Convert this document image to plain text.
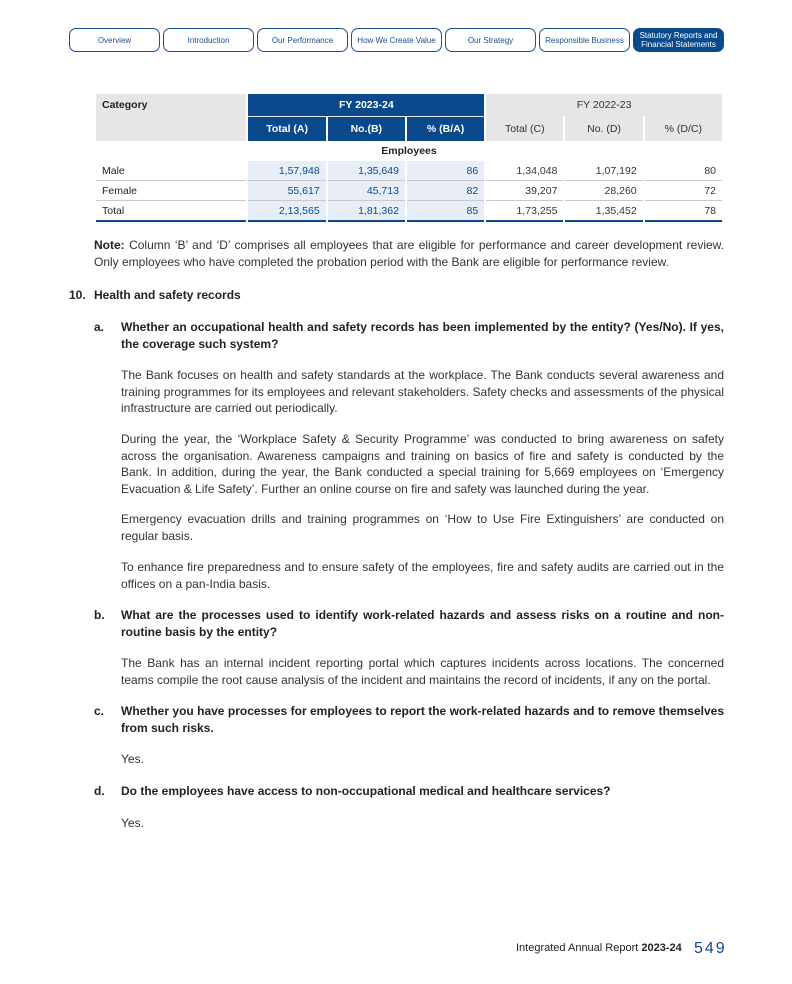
Overview	Introduction	Our Performance	How We Create Value	Our Strategy	Responsible Business	Statutory Reports and
Financial Statements
Category	FY 2023-24			FY 2022-23		
	Total (A)	No.(B)	% (B/A)	Total (C)	No. (D)	% (D/C)
Employees						
Male	1,57,948	1,35,649	86	1,34,048	1,07,192	80
Female	55,617	45,713	82	39,207	28,260	72
Total	2,13,565	1,81,362	85	1,73,255	1,35,452	78
Note: Column ‘B’ and ‘D’ comprises all employees that are eligible for performance and career development review. Only employees who have completed the probation period with the Bank are eligible for performance review.
10. Health and safety records
a.	Whether an occupational health and safety records has been implemented by the entity? (Yes/No). If yes, the coverage such system?
The Bank focuses on health and safety standards at the workplace. The Bank conducts several awareness and training programmes for its employees and relevant stakeholders. Safety checks and assessments of the physical infrastructure are carried out periodically.
During the year, the ‘Workplace Safety & Security Programme’ was conducted to bring awareness on safety across the organisation. Awareness campaigns and training on basics of fire and safety is conducted by the Bank. In addition, during the year, the Bank conducted a special training for 5,669 employees on ‘Emergency Evacuation & Life Safety’. Further an online course on fire and safety was launched during the year.
Emergency evacuation drills and training programmes on ‘How to Use Fire Extinguishers’ are conducted on regular basis.
To enhance fire preparedness and to ensure safety of the employees, fire and safety audits are carried out in the offices on a pan-India basis.
b.	What are the processes used to identify work-related hazards and assess risks on a routine and non-routine basis by the entity?
The Bank has an internal incident reporting portal which captures incidents across locations. The concerned teams compile the root cause analysis of the incident and maintains the record of incidents, if any on the portal.
c.	Whether you have processes for employees to report the work-related hazards and to remove themselves from such risks.
Yes.
d.	Do the employees have access to non-occupational medical and healthcare services?
Yes.
Integrated Annual Report 2023-24 549
